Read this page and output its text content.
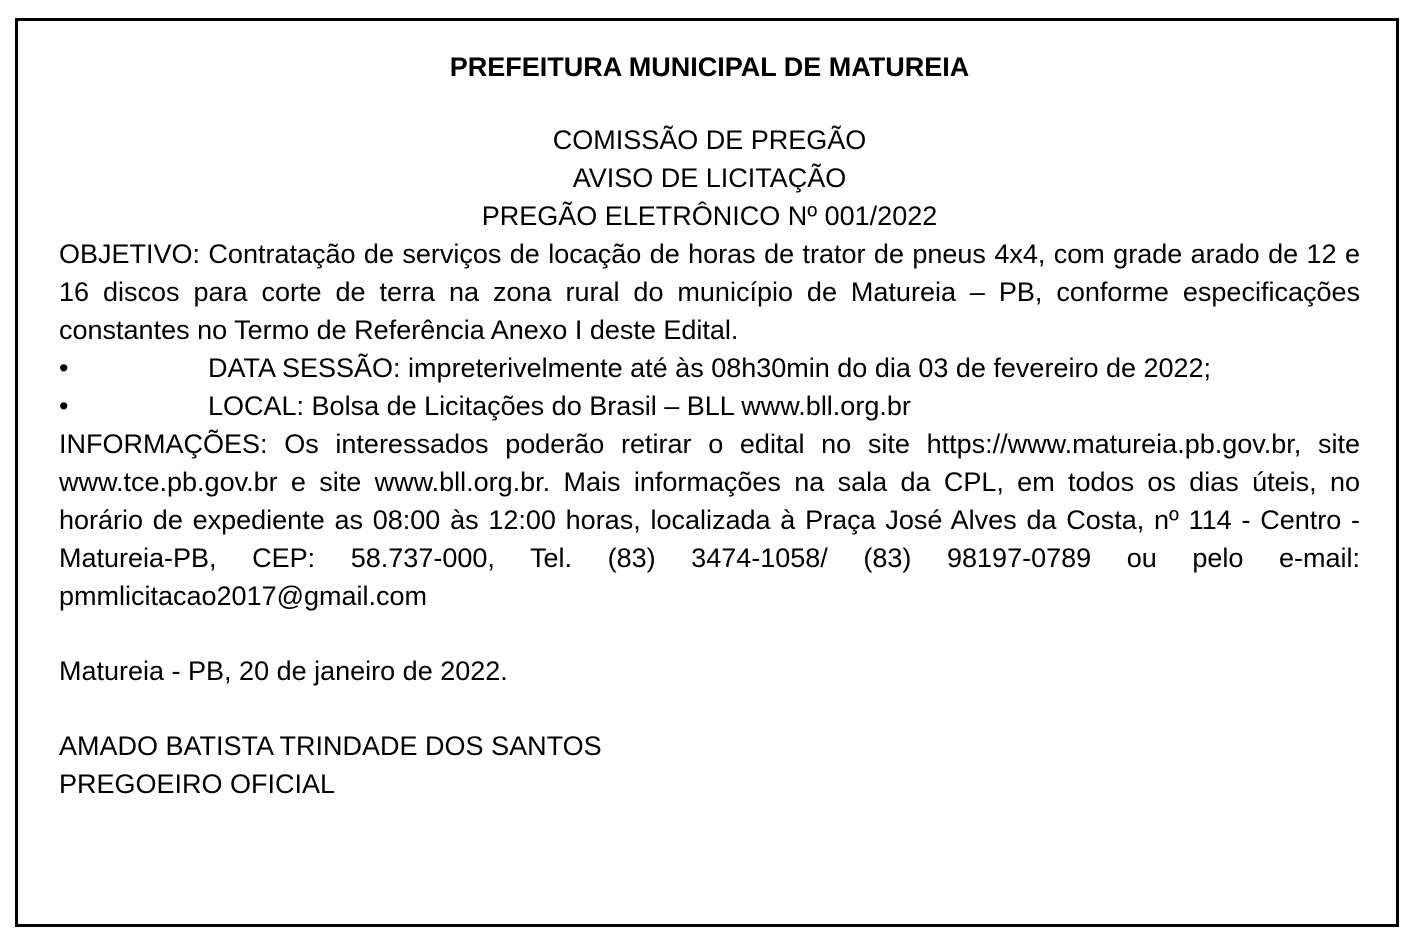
PREFEITURA MUNICIPAL DE MATUREIA

COMISSÃO DE PREGÃO

AVISO DE LICITAÇÃO

PREGÃO ELETRÔNICO Nº 001/2022

OBJETIVO: Contratação de serviços de locação de horas de trator de pneus 4x4, com grade arado de 12 e 16 discos para corte de terra na zona rural do município de Matureia – PB, conforme especificações constantes no Termo de Referência Anexo I deste Edital.

•	DATA SESSÃO: impreterivelmente até às 08h30min do dia 03 de fevereiro de 2022;
•	LOCAL: Bolsa de Licitações do Brasil – BLL www.bll.org.br

INFORMAÇÕES: Os interessados poderão retirar o edital no site https://www.matureia.pb.gov.br, site www.tce.pb.gov.br e site www.bll.org.br. Mais informações na sala da CPL, em todos os dias úteis, no horário de expediente as 08:00 às 12:00 horas, localizada à Praça José Alves da Costa, nº 114 - Centro - Matureia-PB, CEP: 58.737-000, Tel. (83) 3474-1058/ (83) 98197-0789 ou pelo e-mail: pmmlicitacao2017@gmail.com

Matureia - PB, 20 de janeiro de 2022.

AMADO BATISTA TRINDADE DOS SANTOS

PREGOEIRO OFICIAL
